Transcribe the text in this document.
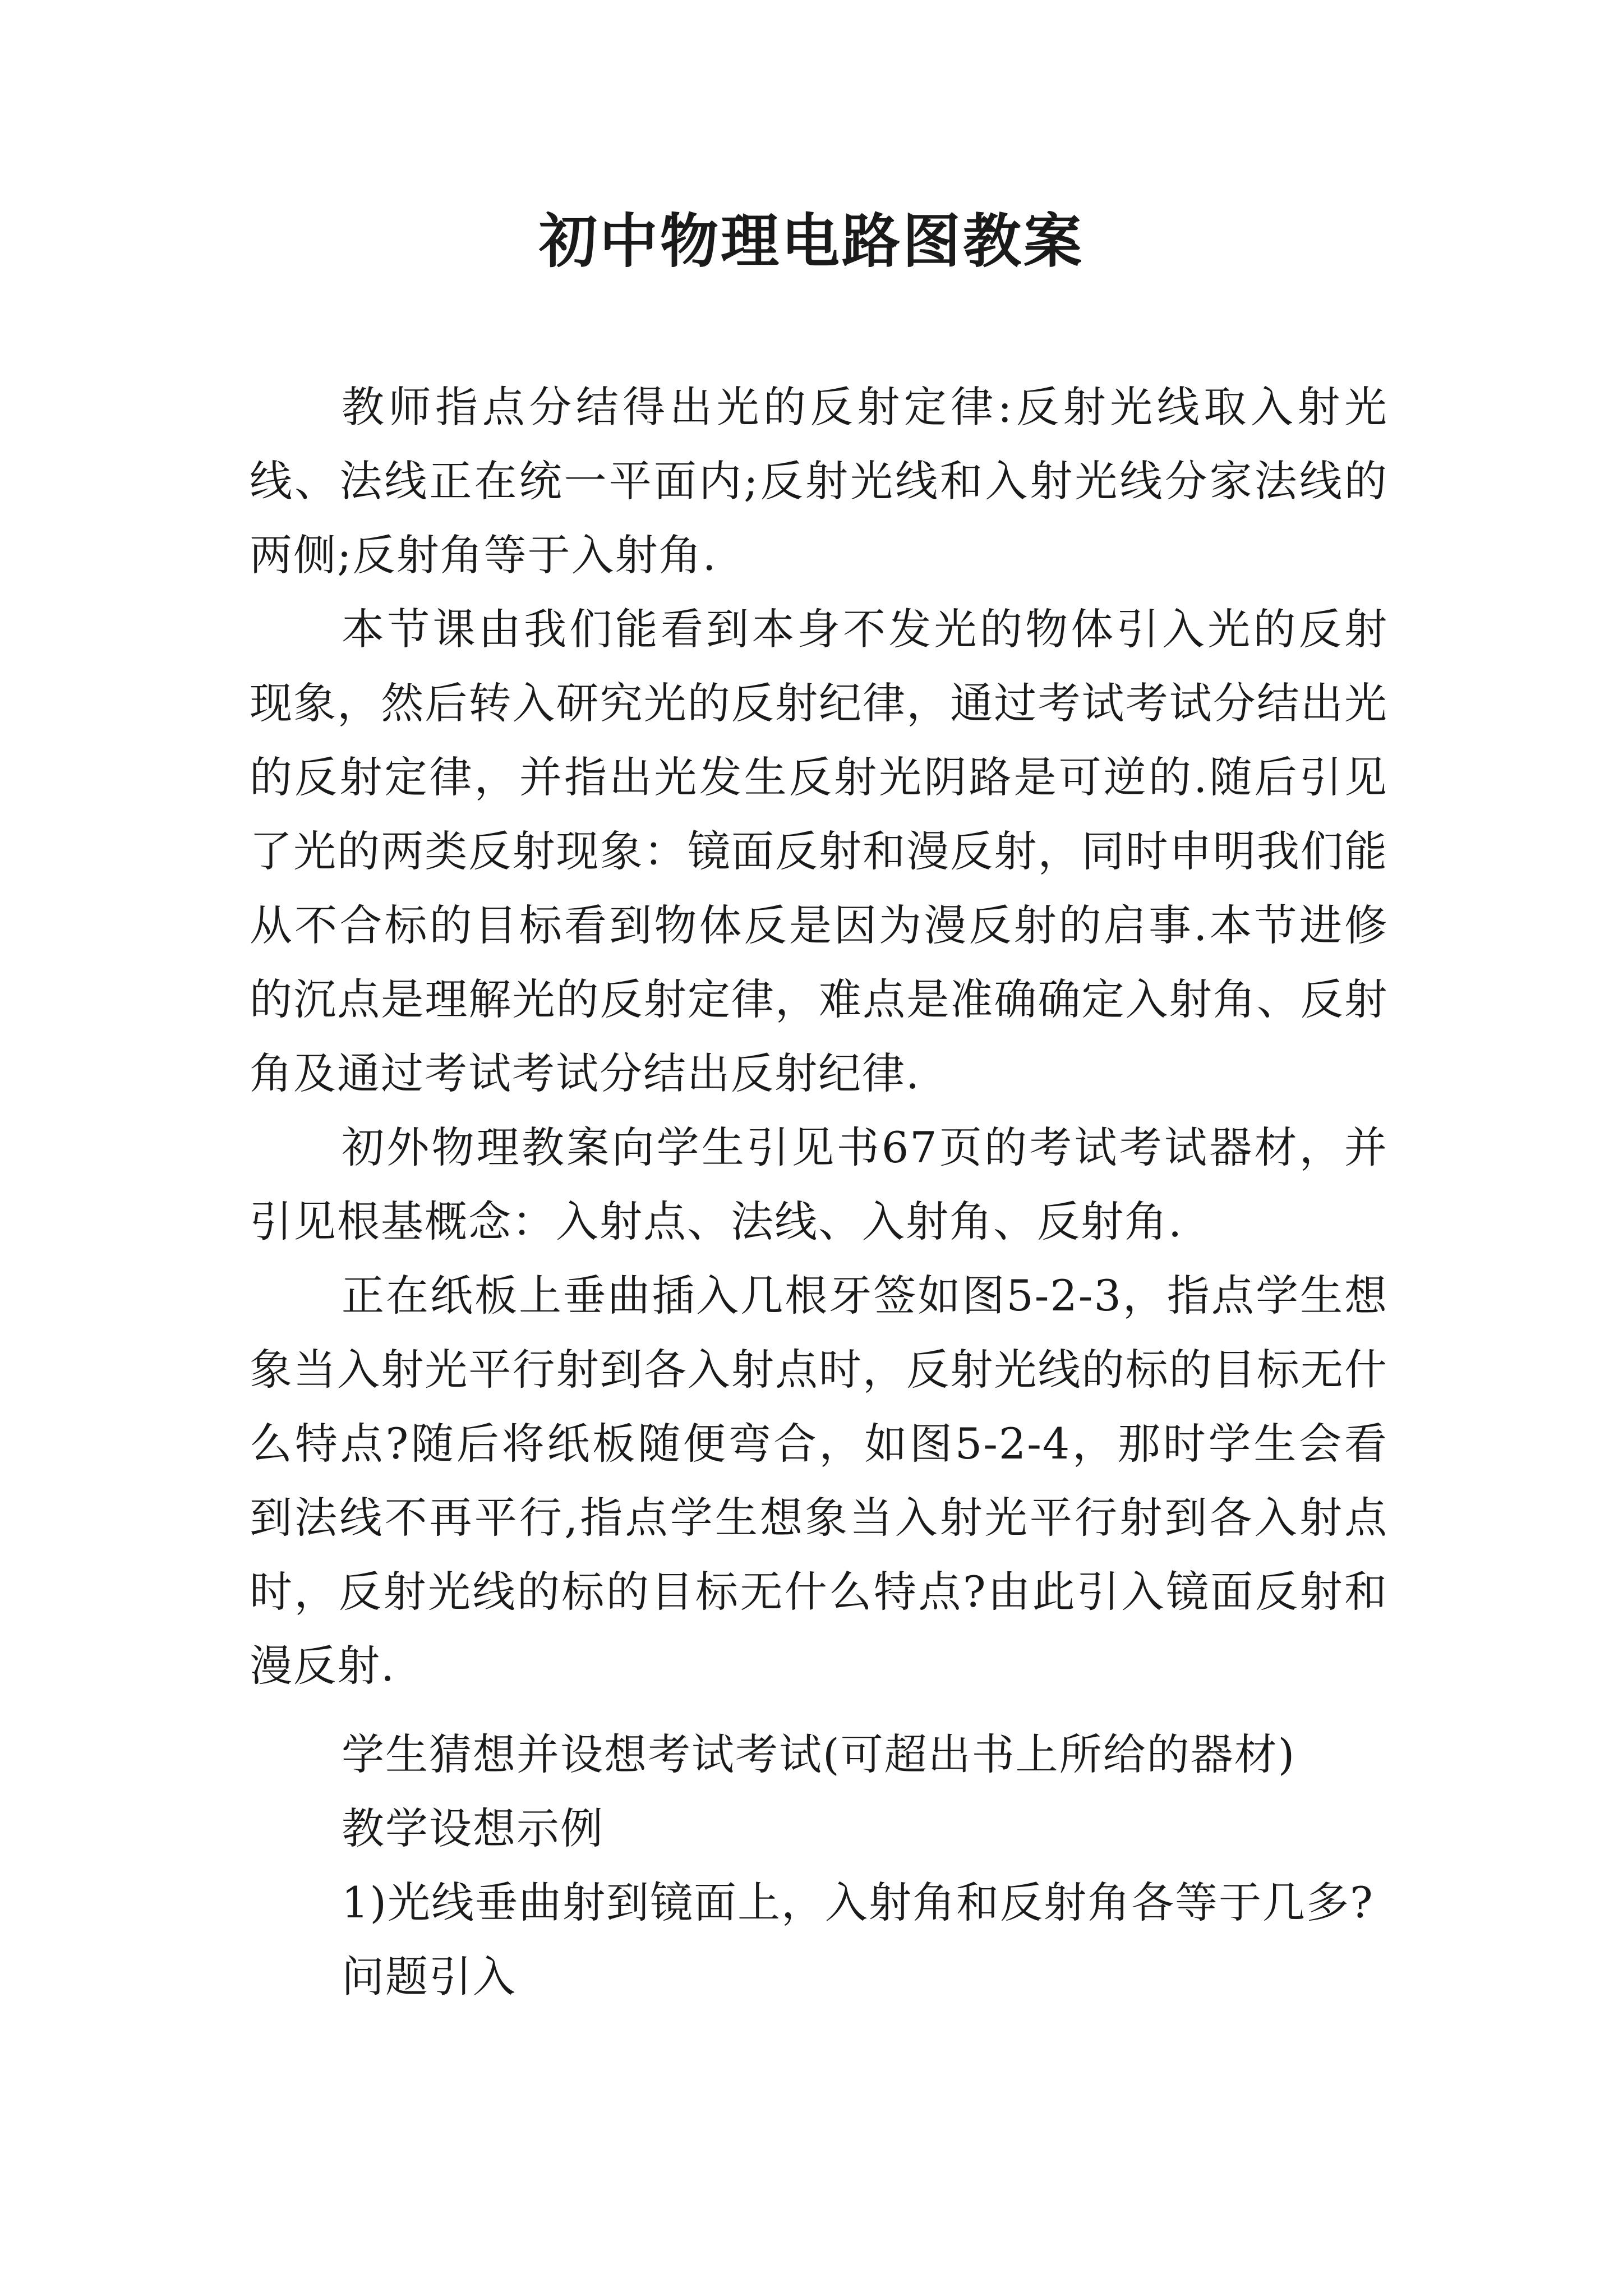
初中物理电路图教案

教师指点分结得出光的反射定律:反射光线取入射光线、法线正在统一平面内;反射光线和入射光线分家法线的两侧;反射角等于入射角.

本节课由我们能看到本身不发光的物体引入光的反射现象，然后转入研究光的反射纪律，通过考试考试分结出光的反射定律，并指出光发生反射光阴路是可逆的.随后引见了光的两类反射现象：镜面反射和漫反射，同时申明我们能从不合标的目标看到物体反是因为漫反射的启事.本节进修的沉点是理解光的反射定律，难点是准确确定入射角、反射角及通过考试考试分结出反射纪律.

初外物理教案向学生引见书67页的考试考试器材，并引见根基概念：入射点、法线、入射角、反射角.

正在纸板上垂曲插入几根牙签如图5-2-3，指点学生想象当入射光平行射到各入射点时，反射光线的标的目标无什么特点?随后将纸板随便弯合，如图5-2-4，那时学生会看到法线不再平行,指点学生想象当入射光平行射到各入射点时，反射光线的标的目标无什么特点?由此引入镜面反射和漫反射.

学生猜想并设想考试考试(可超出书上所给的器材)

教学设想示例

1)光线垂曲射到镜面上，入射角和反射角各等于几多?

问题引入
